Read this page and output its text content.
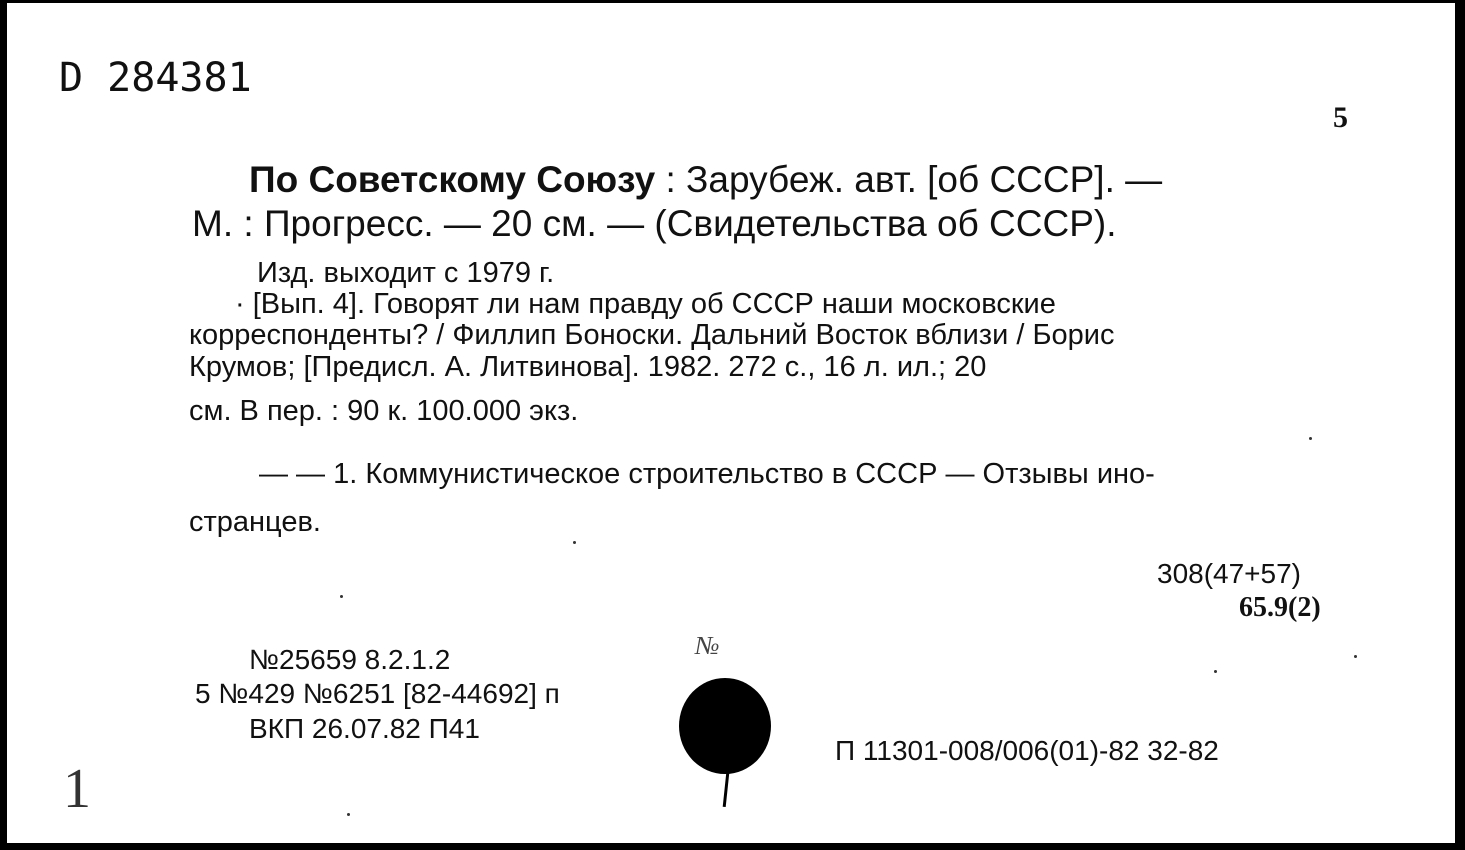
D 284381
5
По Советскому Союзу : Зарубеж. авт. [об СССР]. —
М. : Прогресс. — 20 см. — (Свидетельства об СССР).
Изд. выходит с 1979 г.
· [Вып. 4]. Говорят ли нам правду об СССР наши московские
корреспонденты? / Филлип Боноски. Дальний Восток вблизи / Борис
Крумов; [Предисл. А. Литвинова]. 1982. 272 с., 16 л. ил.; 20
см. В пер. : 90 к. 100.000 экз.
— — 1. Коммунистическое строительство в СССР — Отзывы ино-
странцев.
308(47+57)
65.9(2)
№25659 8.2.1.2
5 №429 №6251 [82-44692] п
ВКП 26.07.82 П41
№
П 11301-008/006(01)-82 32-82
1
